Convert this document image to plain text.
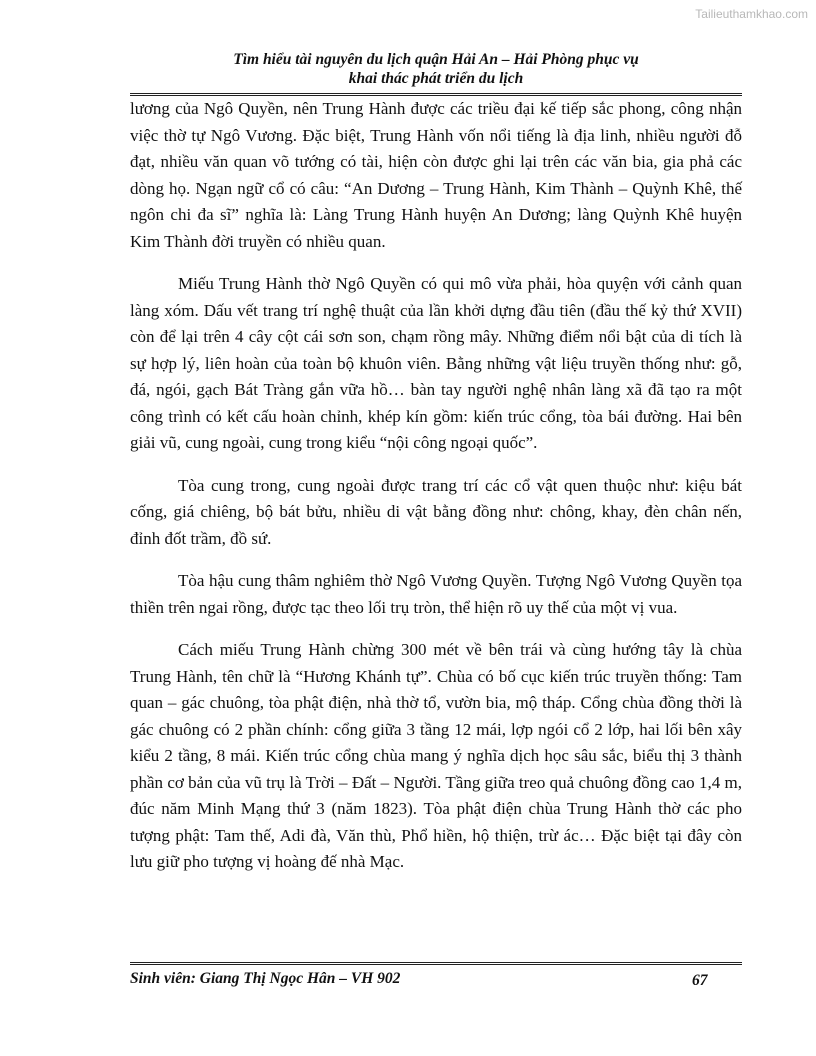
Tailieuthamkhao.com
Tìm hiểu tài nguyên du lịch quận Hải An – Hải Phòng phục vụ
khai thác phát triển du lịch

lương của Ngô Quyền, nên Trung Hành được các triều đại kế tiếp sắc phong, công nhận việc thờ tự Ngô Vương. Đặc biệt, Trung Hành vốn nổi tiếng là địa linh, nhiều người đỗ đạt, nhiều văn quan võ tướng có tài, hiện còn được ghi lại trên các văn bia, gia phả các dòng họ. Ngạn ngữ cổ có câu: “An Dương – Trung Hành, Kim Thành – Quỳnh Khê, thế ngôn chi đa sĩ” nghĩa là: Làng Trung Hành huyện An Dương; làng Quỳnh Khê huyện Kim Thành đời truyền có nhiều quan.

Miếu Trung Hành thờ Ngô Quyền có qui mô vừa phải, hòa quyện với cảnh quan làng xóm. Dấu vết trang trí nghệ thuật của lần khởi dựng đầu tiên (đầu thế kỷ thứ XVII) còn để lại trên 4 cây cột cái sơn son, chạm rồng mây. Những điểm nổi bật của di tích là sự hợp lý, liên hoàn của toàn bộ khuôn viên. Bằng những vật liệu truyền thống như: gỗ, đá, ngói, gạch Bát Tràng gắn vữa hồ… bàn tay người nghệ nhân làng xã đã tạo ra một công trình có kết cấu hoàn chỉnh, khép kín gồm: kiến trúc cổng, tòa bái đường. Hai bên giải vũ, cung ngoài, cung trong kiểu “nội công ngoại quốc”.

Tòa cung trong, cung ngoài được trang trí các cổ vật quen thuộc như: kiệu bát cống, giá chiêng, bộ bát bửu, nhiều di vật bằng đồng như: chông, khay, đèn chân nến, đỉnh đốt trầm, đồ sứ.

Tòa hậu cung thâm nghiêm thờ Ngô Vương Quyền. Tượng Ngô Vương Quyền tọa thiền trên ngai rồng, được tạc theo lối trụ tròn, thể hiện rõ uy thế của một vị vua.

Cách miếu Trung Hành chừng 300 mét về bên trái và cùng hướng tây là chùa Trung Hành, tên chữ là “Hương Khánh tự”. Chùa có bố cục kiến trúc truyền thống: Tam quan – gác chuông, tòa phật điện, nhà thờ tổ, vườn bia, mộ tháp. Cổng chùa đồng thời là gác chuông có 2 phần chính: cổng giữa 3 tầng 12 mái, lợp ngói cổ 2 lớp, hai lối bên xây kiểu 2 tầng, 8 mái. Kiến trúc cổng chùa mang ý nghĩa dịch học sâu sắc, biểu thị 3 thành phần cơ bản của vũ trụ là Trời – Đất – Người. Tầng giữa treo quả chuông đồng cao 1,4 m, đúc năm Minh Mạng thứ 3 (năm 1823). Tòa phật điện chùa Trung Hành thờ các pho tượng phật: Tam thế, Adi đà, Văn thù, Phổ hiền, hộ thiện, trừ ác… Đặc biệt tại đây còn lưu giữ pho tượng vị hoàng đế nhà Mạc.

Sinh viên: Giang Thị Ngọc Hân – VH 902	67
